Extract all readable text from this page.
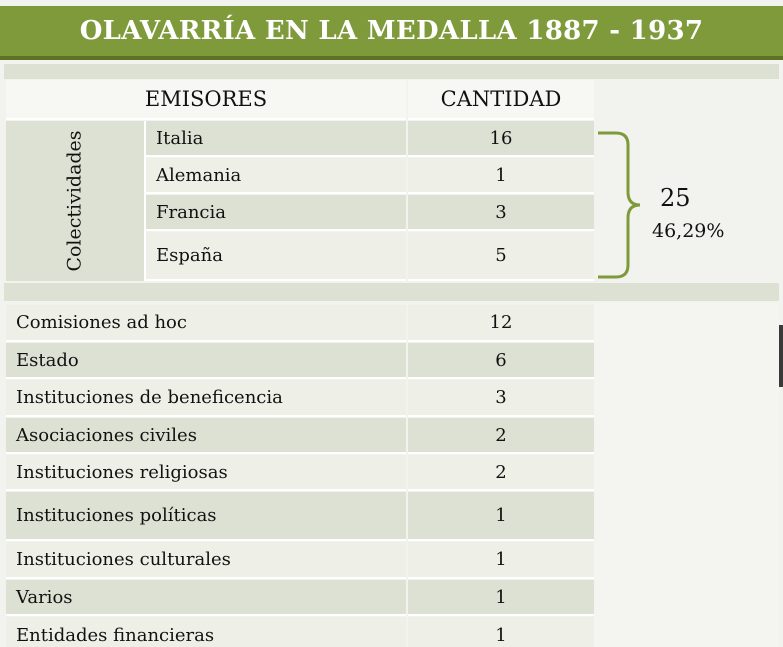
OLAVARRÍA EN LA MEDALLA 1887 - 1937
EMISORES	CANTIDAD
Colectividades	Italia	16
Alemania	1
Francia	3
España	5
25
46,29%
Comisiones ad hoc	12
Estado	6
Instituciones de beneficencia	3
Asociaciones civiles	2
Instituciones religiosas	2
Instituciones políticas	1
Instituciones culturales	1
Varios	1
Entidades financieras	1
